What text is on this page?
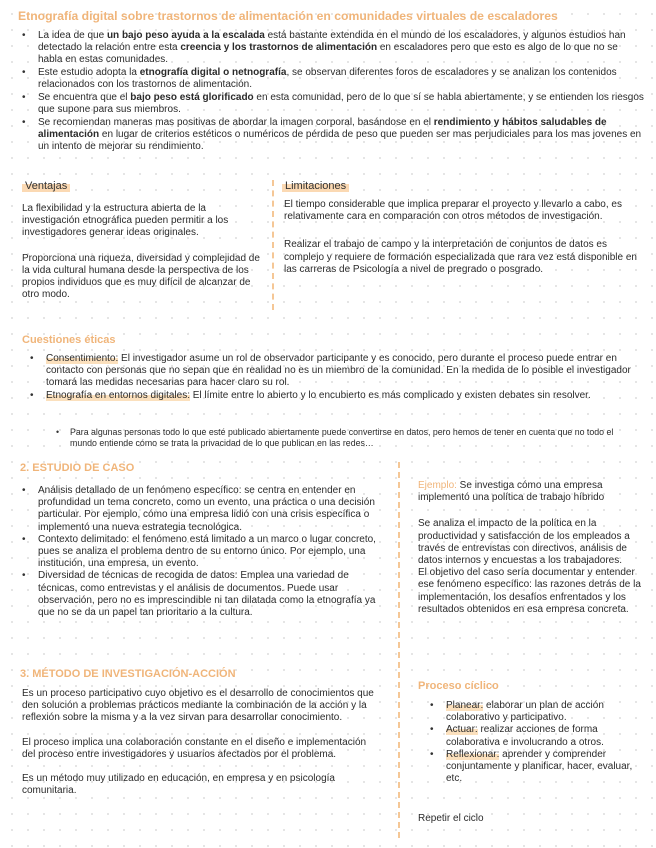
Etnografía digital sobre trastornos de alimentación en comunidades virtuales de escaladores
• La idea de que un bajo peso ayuda a la escalada está bastante extendida en el mundo de los escaladores, y algunos estudios han detectado la relación entre esta creencia y los trastornos de alimentación en escaladores pero que esto es algo de lo que no se habla en estas comunidades.
• Este estudio adopta la etnografía digital o netnografía, se observan diferentes foros de escaladores y se analizan los contenidos relacionados con los trastornos de alimentación.
• Se encuentra que el bajo peso está glorificado en esta comunidad, pero de lo que sí se habla abiertamente, y se entienden los riesgos que supone para sus miembros.
• Se recomiendan maneras mas positivas de abordar la imagen corporal, basándose en el rendimiento y hábitos saludables de alimentación en lugar de criterios estéticos o numéricos de pérdida de peso que pueden ser mas perjudiciales para los mas jovenes en un intento de mejorar su rendimiento.
Ventajas

La flexibilidad y la estructura abierta de la investigación etnográfica pueden permitir a los investigadores generar ideas originales.

Proporciona una riqueza, diversidad y complejidad de la vida cultural humana desde la perspectiva de los propios individuos que es muy difícil de alcanzar de otro modo.

Limitaciones

El tiempo considerable que implica preparar el proyecto y llevarlo a cabo, es relativamente cara en comparación con otros métodos de investigación.

Realizar el trabajo de campo y la interpretación de conjuntos de datos es complejo y requiere de formación especializada que rara vez está disponible en las carreras de Psicología a nivel de pregrado o posgrado.

Cuestiones éticas
• Consentimiento: El investigador asume un rol de observador participante y es conocido, pero durante el proceso puede entrar en contacto con personas que no sepan que en realidad no es un miembro de la comunidad. En la medida de lo posible el investigador tomará las medidas necesarias para hacer claro su rol.
• Etnografía en entornos digitales: El límite entre lo abierto y lo encubierto es más complicado y existen debates sin resolver.
• Para algunas personas todo lo que esté publicado abiertamente puede convertirse en datos, pero hemos de tener en cuenta que no todo el mundo entiende cómo se trata la privacidad de lo que publican en las redes…
2. ESTUDIO DE CASO
• Análisis detallado de un fenómeno específico: se centra en entender en profundidad un tema concreto, como un evento, una práctica o una decisión particular. Por ejemplo, cómo una empresa lidió con una crisis específica o implementó una nueva estrategia tecnológica.
• Contexto delimitado: el fenómeno está limitado a un marco o lugar concreto, pues se analiza el problema dentro de su entorno único. Por ejemplo, una institución, una empresa, un evento.
• Diversidad de técnicas de recogida de datos: Emplea una variedad de técnicas, como entrevistas y el análisis de documentos. Puede usar observación, pero no es imprescindible ni tan dilatada como la etnografía ya que no se da un papel tan prioritario a la cultura.

Ejemplo: Se investiga cómo una empresa implementó una política de trabajo híbrido

Se analiza el impacto de la política en la productividad y satisfacción de los empleados a través de entrevistas con directivos, análisis de datos internos y encuestas a los trabajadores.

El objetivo del caso sería documentar y entender ese fenómeno específico: las razones detrás de la implementación, los desafíos enfrentados y los resultados obtenidos en esa empresa concreta.

3. MÉTODO DE INVESTIGACIÓN-ACCIÓN

Es un proceso participativo cuyo objetivo es el desarrollo de conocimientos que den solución a problemas prácticos mediante la combinación de la acción y la reflexión sobre la misma y a la vez sirvan para desarrollar conocimiento.

El proceso implica una colaboración constante en el diseño e implementación del proceso entre investigadores y usuarios afectados por el problema.

Es un método muy utilizado en educación, en empresa y en psicología comunitaria.

Proceso cíclico
• Planear: elaborar un plan de acción colaborativo y participativo.
• Actuar: realizar acciones de forma colaborativa e involucrando a otros.
• Reflexionar: aprender y comprender conjuntamente y planificar, hacer, evaluar, etc.
Repetir el ciclo
